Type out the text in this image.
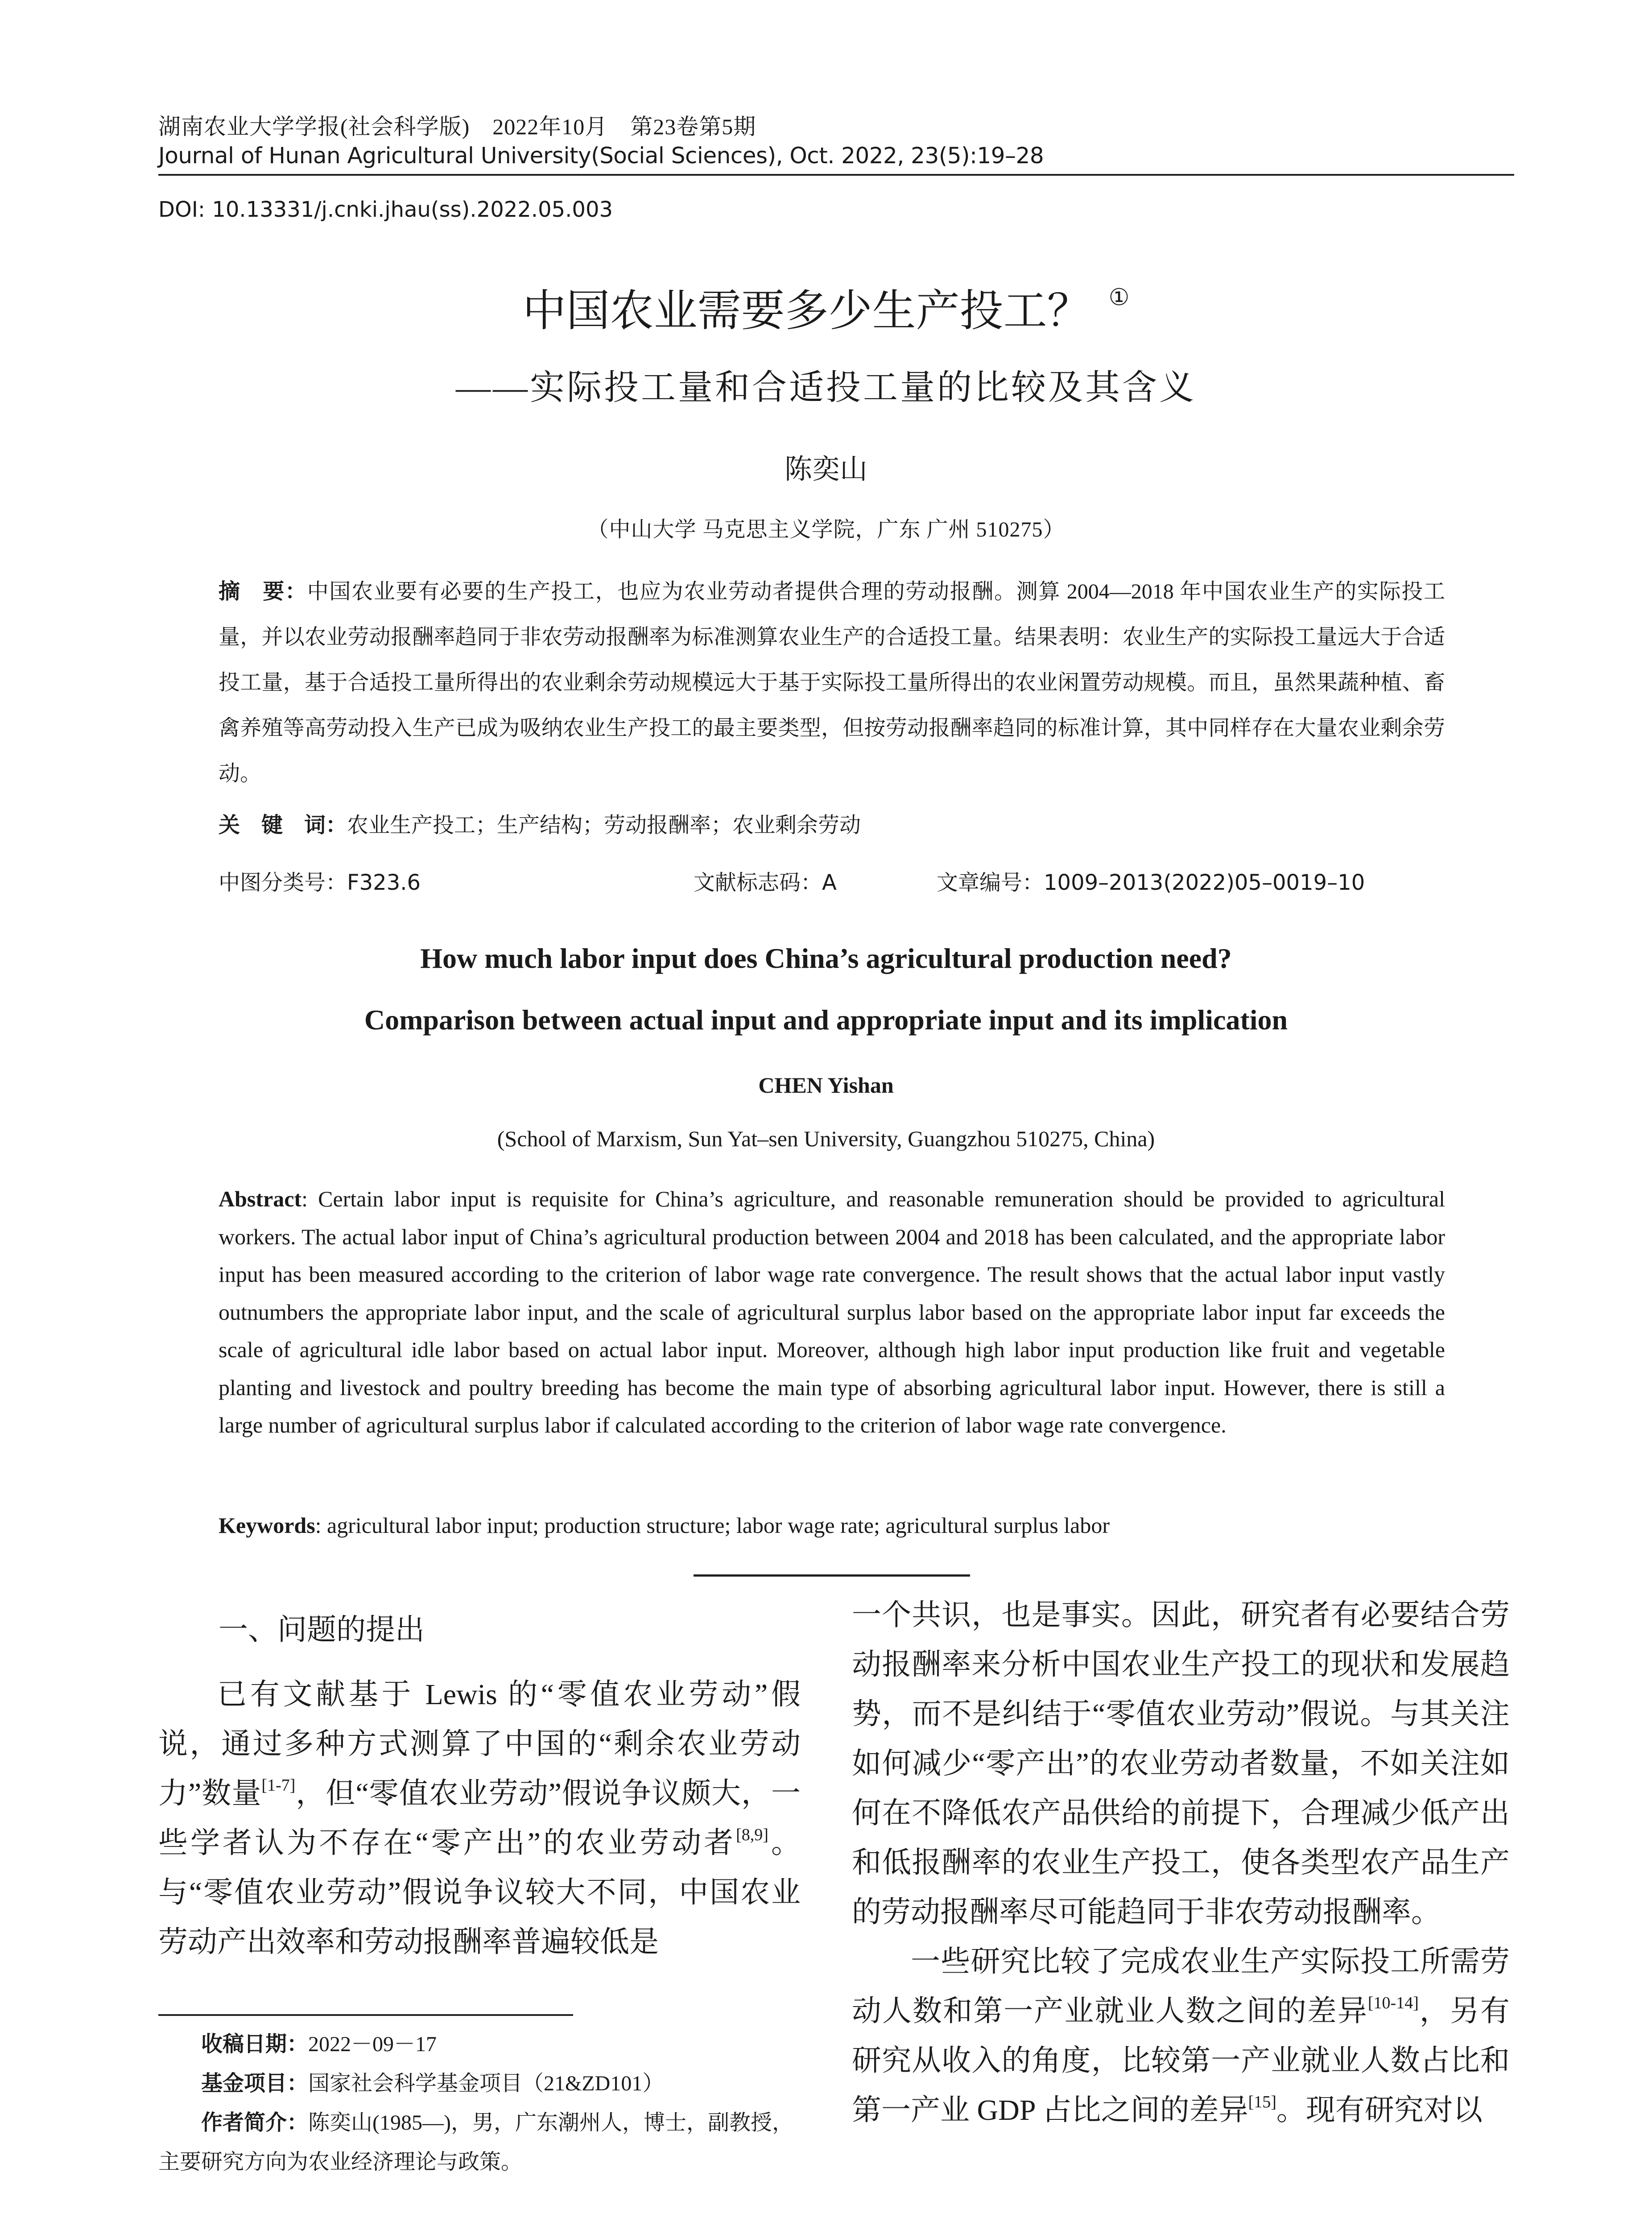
湖南农业大学学报(社会科学版)　2022年10月　第23卷第5期
Journal of Hunan Agricultural University(Social Sciences), Oct. 2022, 23(5):19–28
DOI: 10.13331/j.cnki.jhau(ss).2022.05.003
中国农业需要多少生产投工？ ①
——实际投工量和合适投工量的比较及其含义
陈奕山
（中山大学 马克思主义学院，广东 广州 510275）
摘　要：中国农业要有必要的生产投工，也应为农业劳动者提供合理的劳动报酬。测算 2004—2018 年中国农业生产的实际投工量，并以农业劳动报酬率趋同于非农劳动报酬率为标准测算农业生产的合适投工量。结果表明：农业生产的实际投工量远大于合适投工量，基于合适投工量所得出的农业剩余劳动规模远大于基于实际投工量所得出的农业闲置劳动规模。而且，虽然果蔬种植、畜禽养殖等高劳动投入生产已成为吸纳农业生产投工的最主要类型，但按劳动报酬率趋同的标准计算，其中同样存在大量农业剩余劳动。
关　键　词：农业生产投工；生产结构；劳动报酬率；农业剩余劳动
中图分类号：F323.6	文献标志码：A	文章编号：1009–2013(2022)05–0019–10
How much labor input does China’s agricultural production need?
Comparison between actual input and appropriate input and its implication
CHEN Yishan
(School of Marxism, Sun Yat–sen University, Guangzhou 510275, China)
Abstract: Certain labor input is requisite for China’s agriculture, and reasonable remuneration should be provided to agricultural workers. The actual labor input of China’s agricultural production between 2004 and 2018 has been calculated, and the appropriate labor input has been measured according to the criterion of labor wage rate convergence. The result shows that the actual labor input vastly outnumbers the appropriate labor input, and the scale of agricultural surplus labor based on the appropriate labor input far exceeds the scale of agricultural idle labor based on actual labor input. Moreover, although high labor input production like fruit and vegetable planting and livestock and poultry breeding has become the main type of absorbing agricultural labor input. However, there is still a large number of agricultural surplus labor if calculated according to the criterion of labor wage rate convergence.
Keywords: agricultural labor input; production structure; labor wage rate; agricultural surplus labor
一、问题的提出

已有文献基于 Lewis 的“零值农业劳动”假说，通过多种方式测算了中国的“剩余农业劳动力”数量[1-7]，但“零值农业劳动”假说争议颇大，一些学者认为不存在“零产出”的农业劳动者[8,9]。与“零值农业劳动”假说争议较大不同，中国农业劳动产出效率和劳动报酬率普遍较低是

一个共识，也是事实。因此，研究者有必要结合劳动报酬率来分析中国农业生产投工的现状和发展趋势，而不是纠结于“零值农业劳动”假说。与其关注如何减少“零产出”的农业劳动者数量，不如关注如何在不降低农产品供给的前提下，合理减少低产出和低报酬率的农业生产投工，使各类型农产品生产的劳动报酬率尽可能趋同于非农劳动报酬率。

一些研究比较了完成农业生产实际投工所需劳动人数和第一产业就业人数之间的差异[10-14]，另有研究从收入的角度，比较第一产业就业人数占比和第一产业 GDP 占比之间的差异[15]。现有研究对以

收稿日期：2022－09－17

基金项目：国家社会科学基金项目（21&ZD101）

作者简介：陈奕山(1985—)，男，广东潮州人，博士，副教授，主要研究方向为农业经济理论与政策。
